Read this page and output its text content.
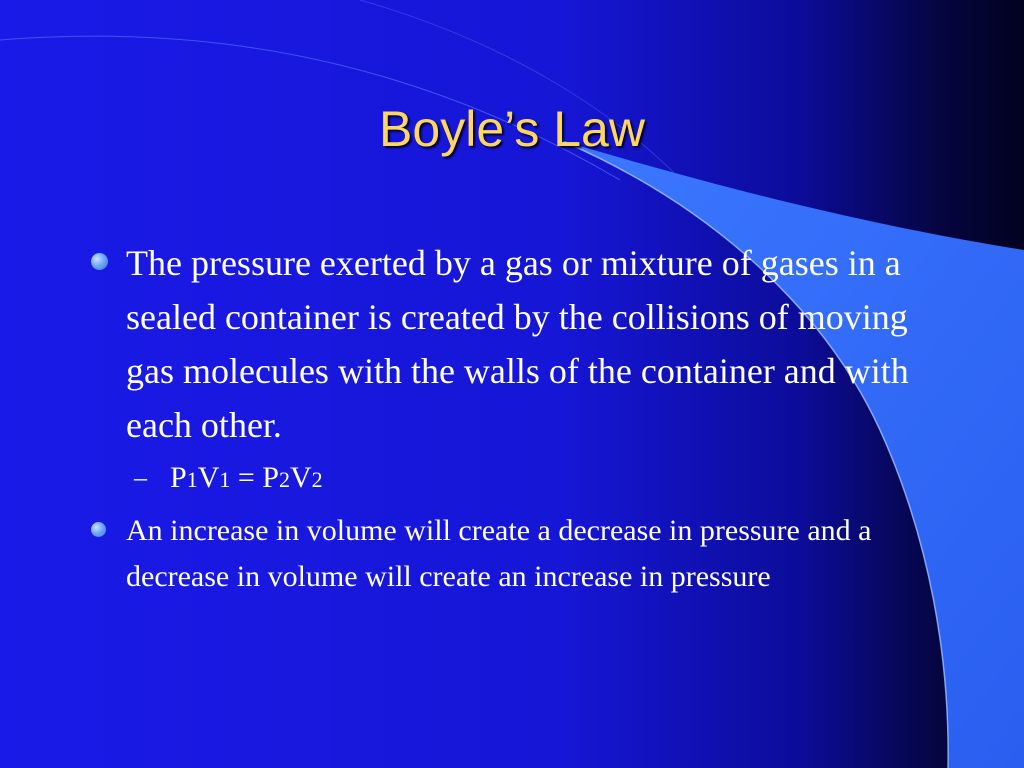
Boyle’s Law
The pressure exerted by a gas or mixture of gases in a sealed container is created by the collisions of moving gas molecules with the walls of the container and with each other.
– P1V1 = P2V2
An increase in volume will create a decrease in pressure and a decrease in volume will create an increase in pressure
